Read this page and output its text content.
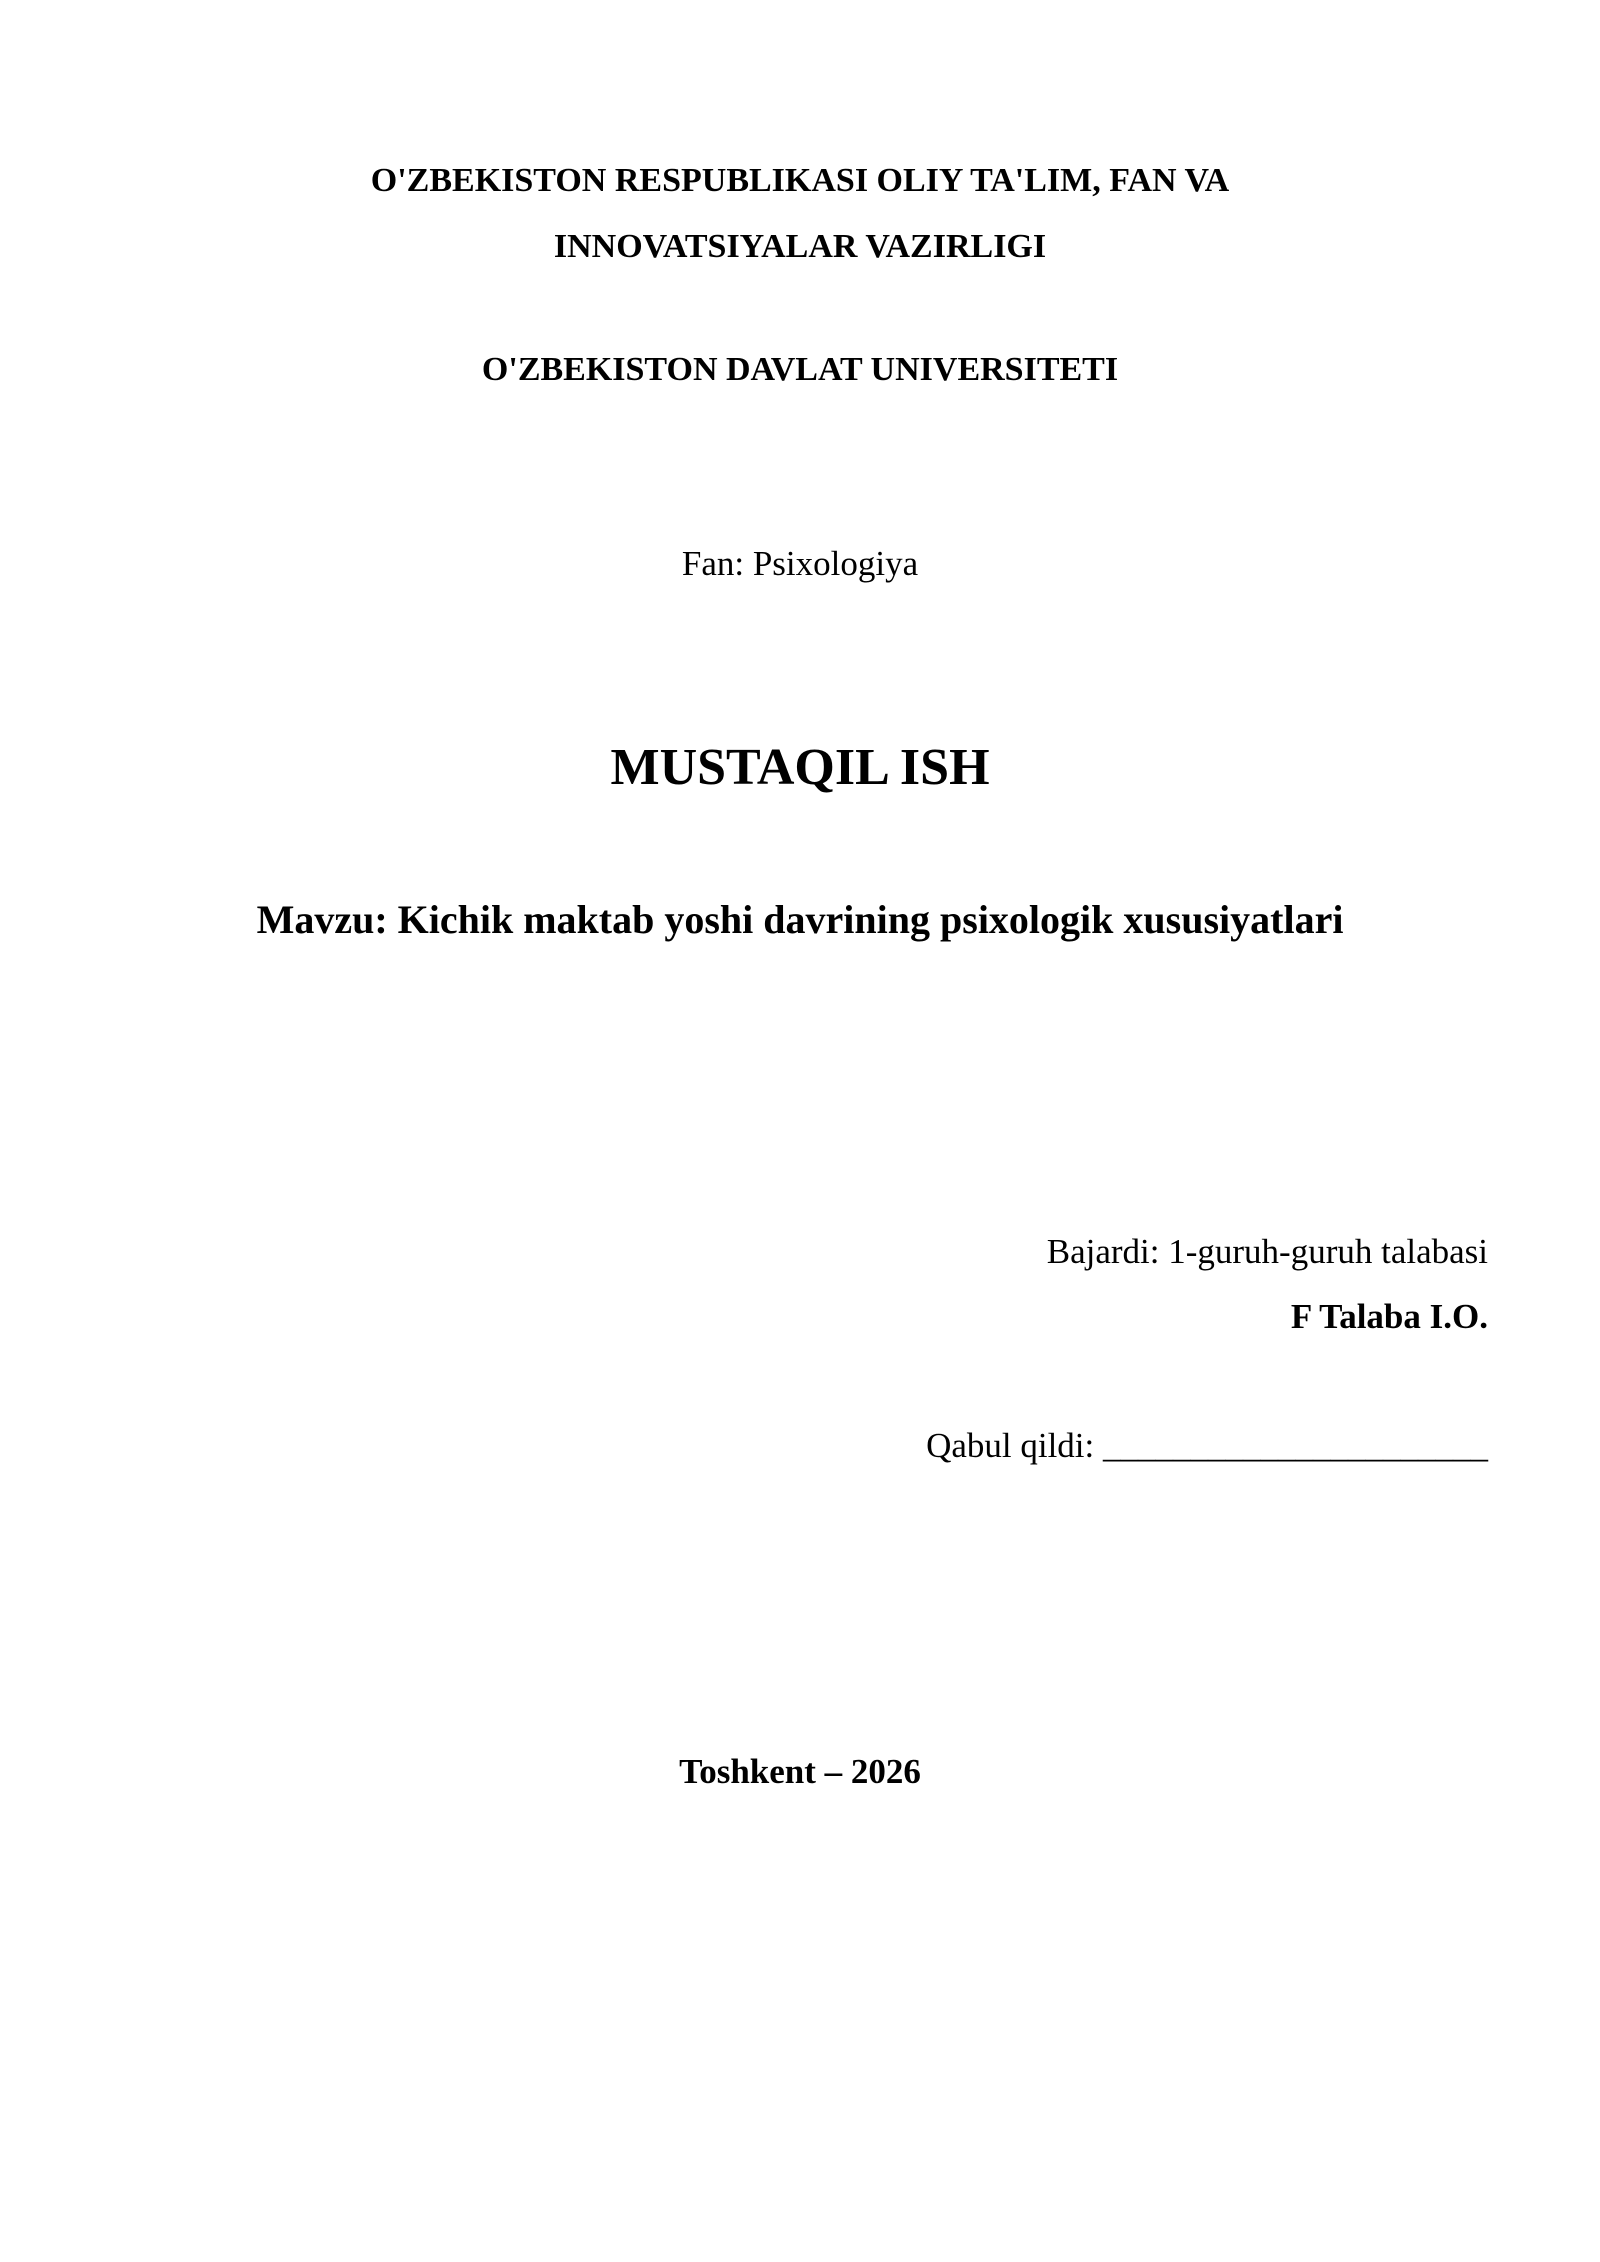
O'ZBEKISTON RESPUBLIKASI OLIY TA'LIM, FAN VA
INNOVATSIYALAR VAZIRLIGI
O'ZBEKISTON DAVLAT UNIVERSITETI
Fan: Psixologiya
MUSTAQIL ISH
Mavzu: Kichik maktab yoshi davrining psixologik xususiyatlari
Bajardi: 1-guruh-guruh talabasi
F Talaba I.O.
Qabul qildi: ______________________
Toshkent – 2026
